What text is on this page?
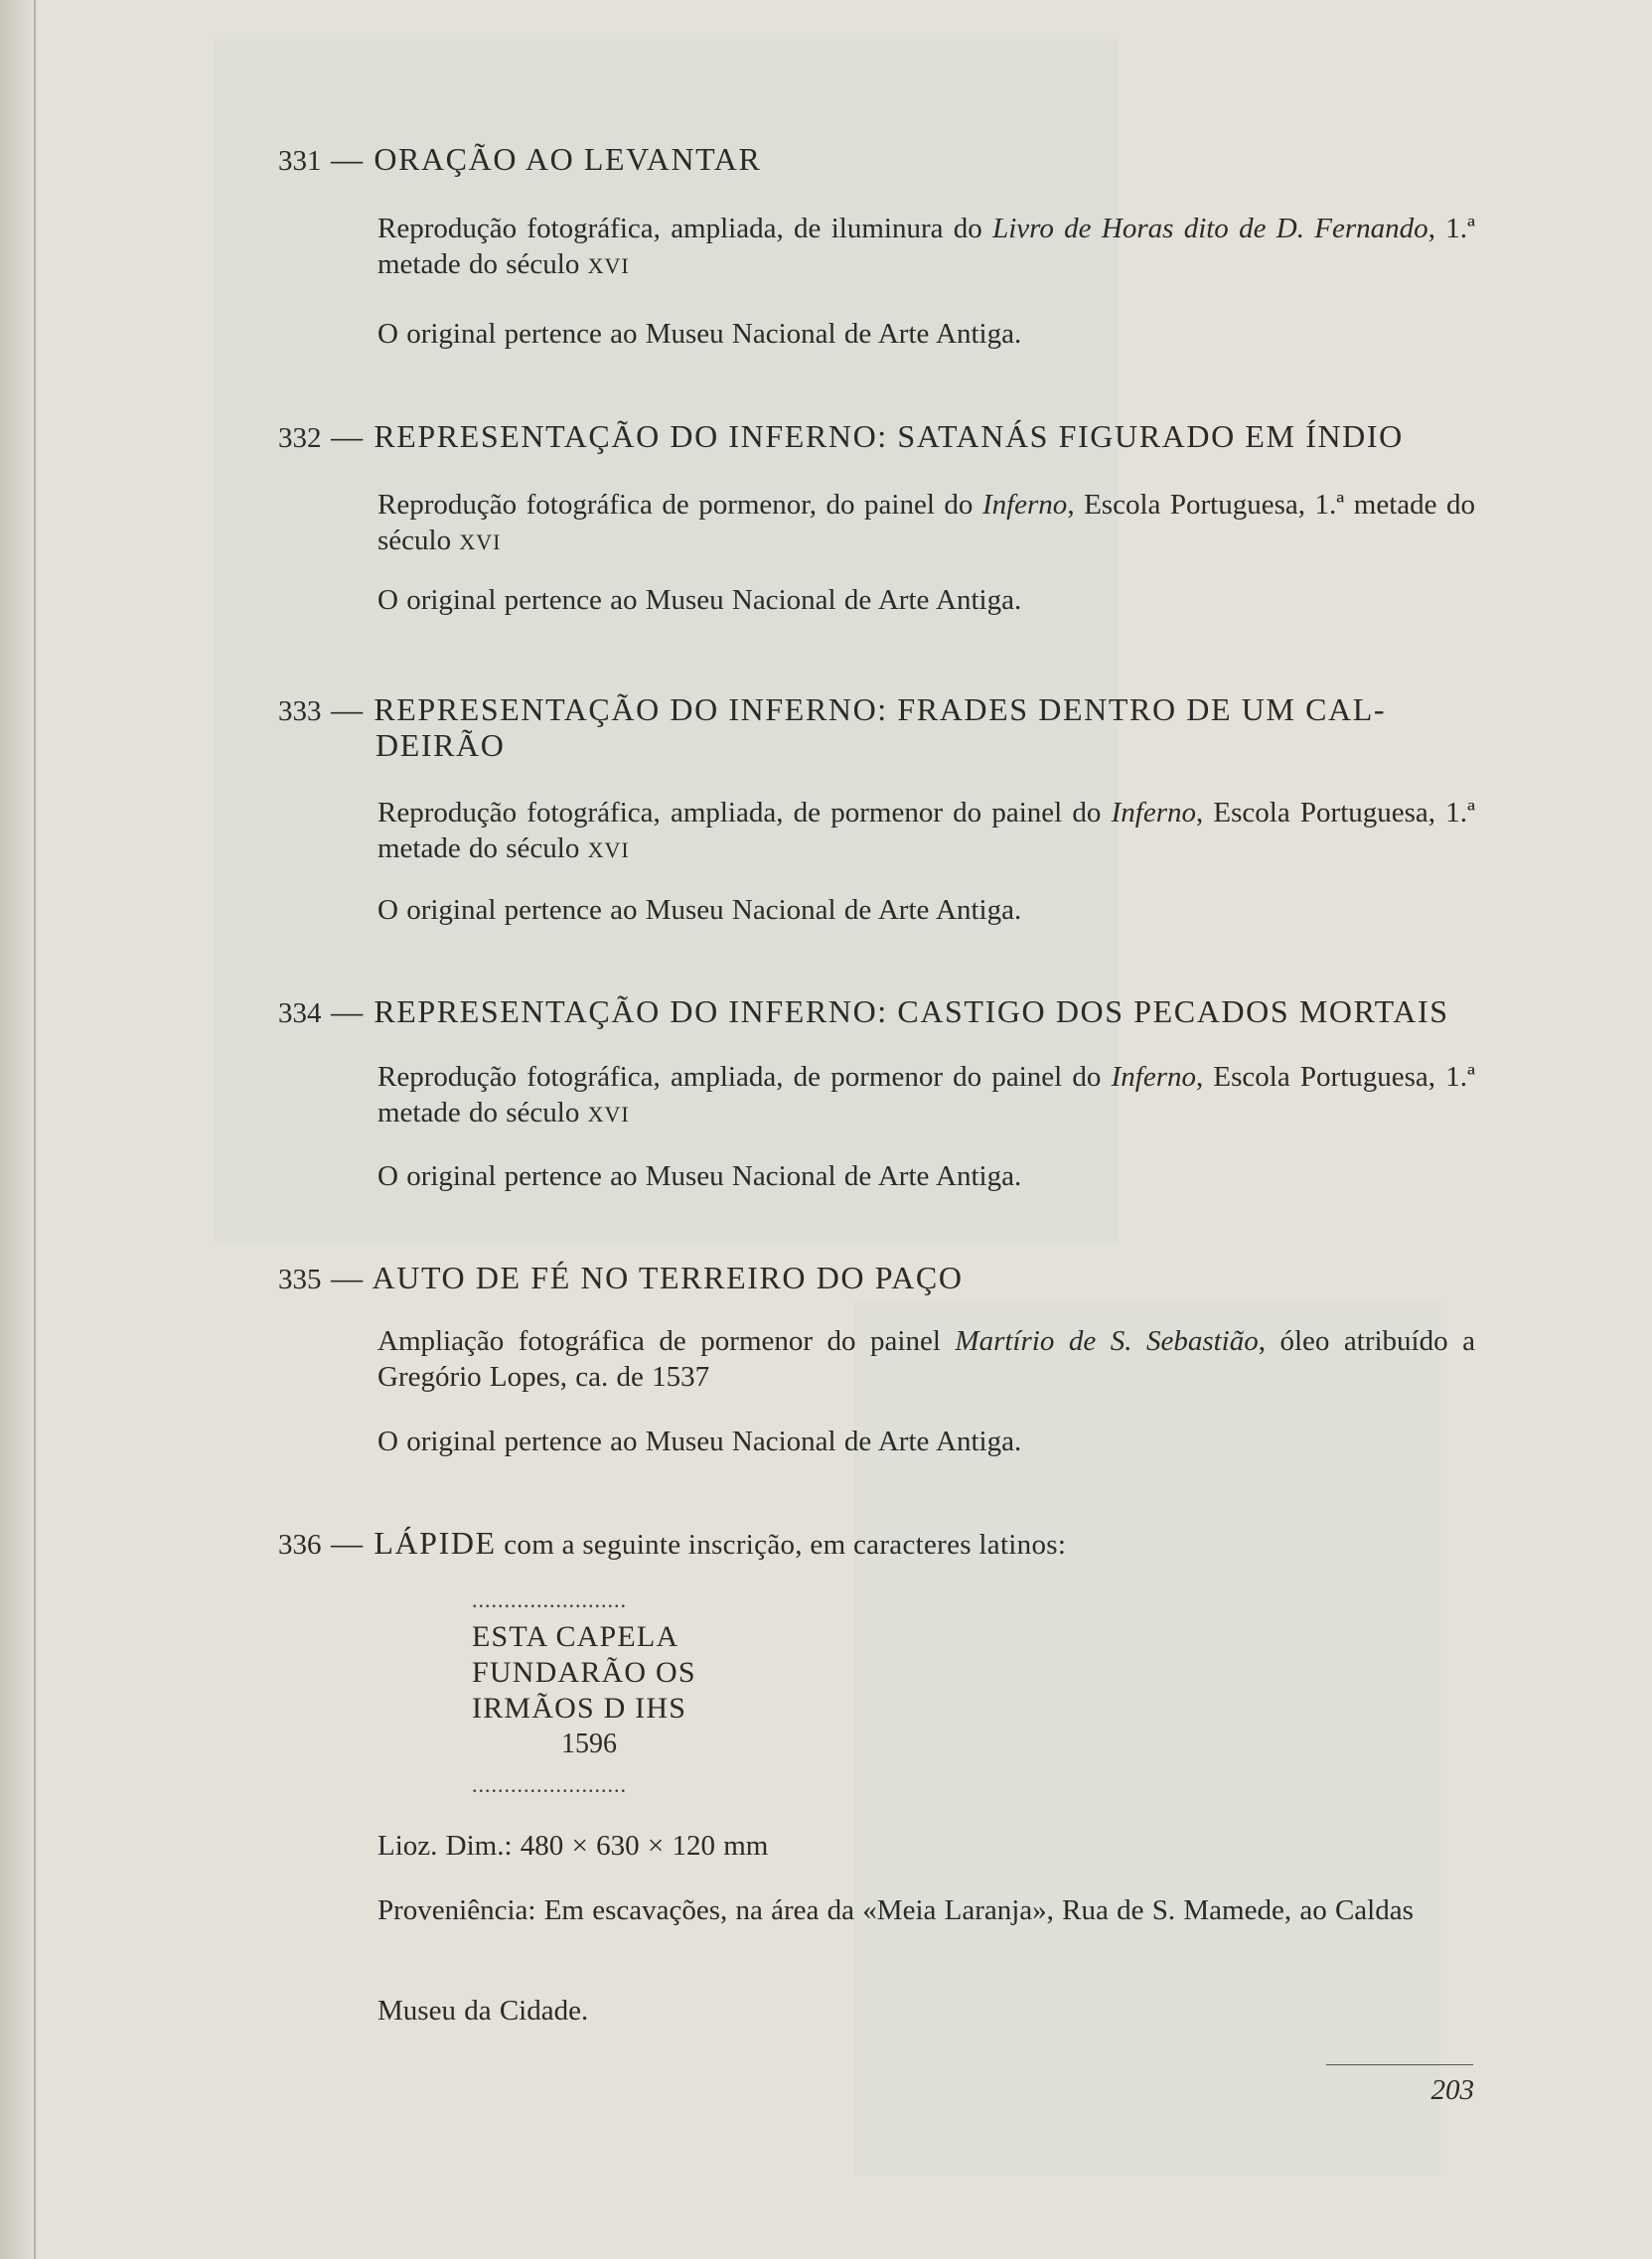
331 — ORAÇÃO AO LEVANTAR
Reprodução fotográfica, ampliada, de iluminura do Livro de Horas dito de D. Fernando, 1.ª metade do século XVI
O original pertence ao Museu Nacional de Arte Antiga.
332 — REPRESENTAÇÃO DO INFERNO: SATANÁS FIGURADO EM ÍNDIO
Reprodução fotográfica de pormenor, do painel do Inferno, Escola Portuguesa, 1.ª metade do século XVI
O original pertence ao Museu Nacional de Arte Antiga.
333 — REPRESENTAÇÃO DO INFERNO: FRADES DENTRO DE UM CAL-
DEIRÃO
Reprodução fotográfica, ampliada, de pormenor do painel do Inferno, Escola Portuguesa, 1.ª metade do século XVI
O original pertence ao Museu Nacional de Arte Antiga.
334 — REPRESENTAÇÃO DO INFERNO: CASTIGO DOS PECADOS MORTAIS
Reprodução fotográfica, ampliada, de pormenor do painel do Inferno, Escola Portuguesa, 1.ª metade do século XVI
O original pertence ao Museu Nacional de Arte Antiga.
335 — AUTO DE FÉ NO TERREIRO DO PAÇO
Ampliação fotográfica de pormenor do painel Martírio de S. Sebastião, óleo atribuído a Gregório Lopes, ca. de 1537
O original pertence ao Museu Nacional de Arte Antiga.
336 — LÁPIDE com a seguinte inscrição, em caracteres latinos:
........................
ESTA CAPELA
FUNDARÃO OS
IRMÃOS D IHS
1596
........................
Lioz. Dim.: 480 × 630 × 120 mm
Proveniência: Em escavações, na área da «Meia Laranja», Rua de S. Mamede, ao Caldas
Museu da Cidade.
203
